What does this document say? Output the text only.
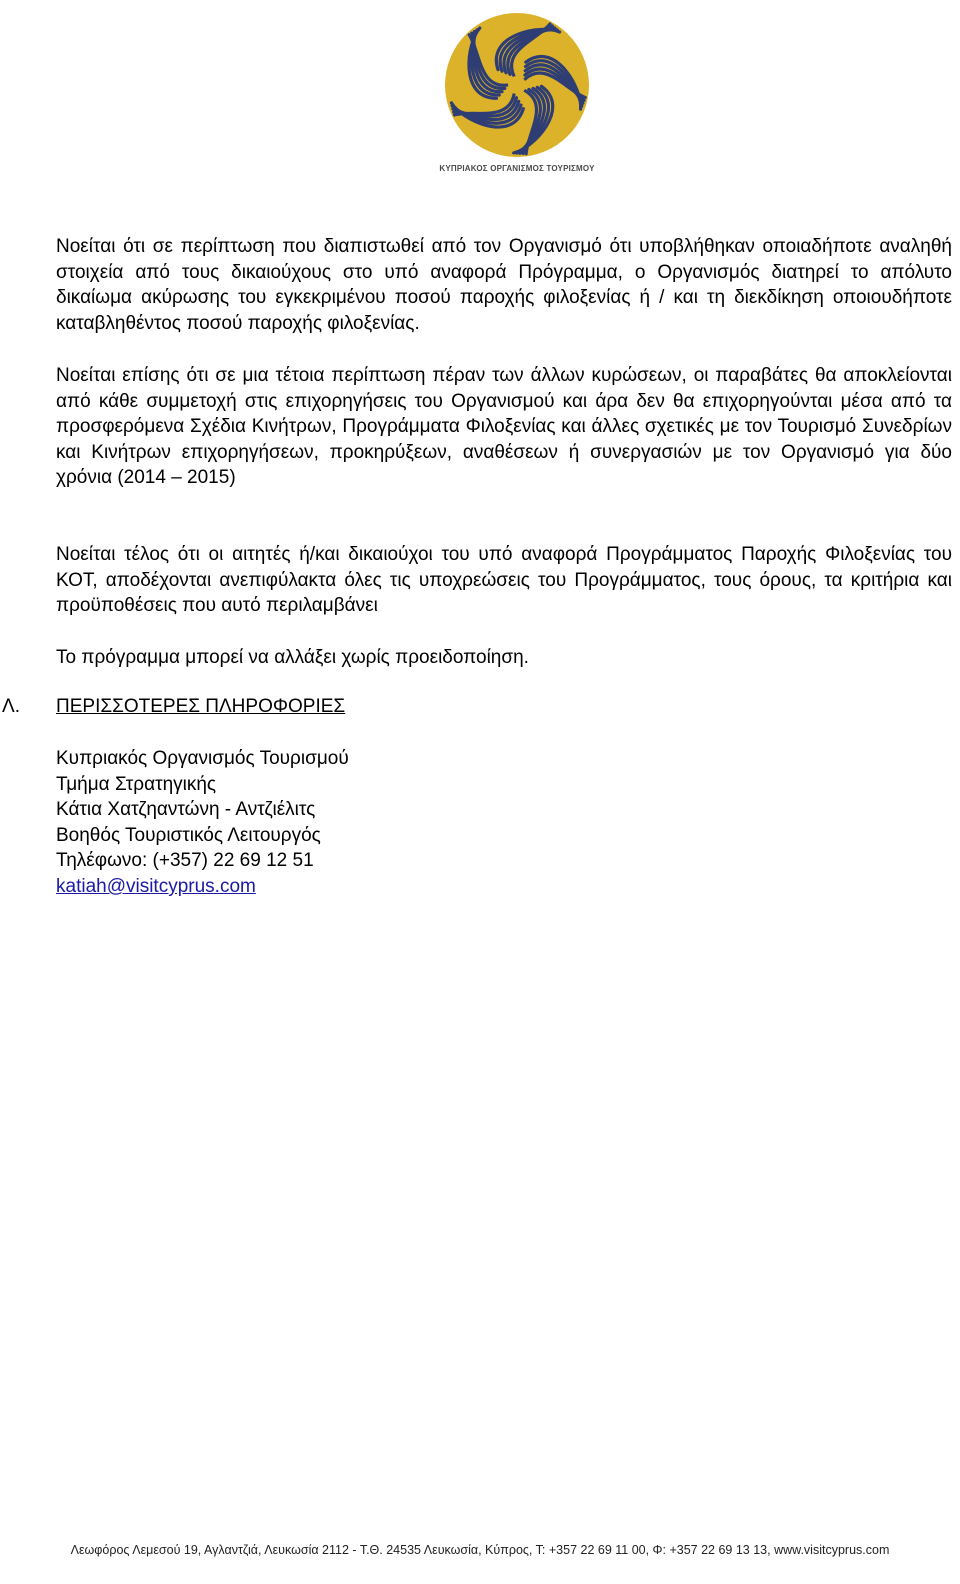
ΚΥΠΡΙΑΚΟΣ ΟΡΓΑΝΙΣΜΟΣ ΤΟΥΡΙΣΜΟΥ

Νοείται ότι σε περίπτωση που διαπιστωθεί από τον Οργανισμό ότι υποβλήθηκαν οποιαδήποτε αναληθή στοιχεία από τους δικαιούχους στο υπό αναφορά Πρόγραμμα, ο Οργανισμός διατηρεί το απόλυτο δικαίωμα ακύρωσης του εγκεκριμένου ποσού παροχής φιλοξενίας ή / και τη διεκδίκηση οποιουδήποτε καταβληθέντος ποσού παροχής φιλοξενίας.

Νοείται επίσης ότι σε μια τέτοια περίπτωση πέραν των άλλων κυρώσεων, οι παραβάτες θα αποκλείονται από κάθε συμμετοχή στις επιχορηγήσεις του Οργανισμού και άρα δεν θα επιχορηγούνται μέσα από τα προσφερόμενα Σχέδια Κινήτρων, Προγράμματα Φιλοξενίας και άλλες σχετικές με τον Τουρισμό Συνεδρίων και Κινήτρων επιχορηγήσεων, προκηρύξεων, αναθέσεων ή συνεργασιών με τον Οργανισμό για δύο χρόνια (2014 – 2015)

Νοείται τέλος ότι οι αιτητές ή/και δικαιούχοι του υπό αναφορά Προγράμματος Παροχής Φιλοξενίας του ΚΟΤ, αποδέχονται ανεπιφύλακτα όλες τις υποχρεώσεις του Προγράμματος, τους όρους, τα κριτήρια και προϋποθέσεις που αυτό περιλαμβάνει

Το πρόγραμμα μπορεί να αλλάξει χωρίς προειδοποίηση.

Λ. ΠΕΡΙΣΣΟΤΕΡΕΣ ΠΛΗΡΟΦΟΡΙΕΣ
Κυπριακός Οργανισμός Τουρισμού
Τμήμα Στρατηγικής
Κάτια Χατζηαντώνη - Αντζιέλιτς
Βοηθός Τουριστικός Λειτουργός
Τηλέφωνο: (+357) 22 69 12 51
katiah@visitcyprus.com
Λεωφόρος Λεμεσού 19, Αγλαντζιά, Λευκωσία 2112 - Τ.Θ. 24535 Λευκωσία, Κύπρος, Τ: +357 22 69 11 00, Φ: +357 22 69 13 13, www.visitcyprus.com
